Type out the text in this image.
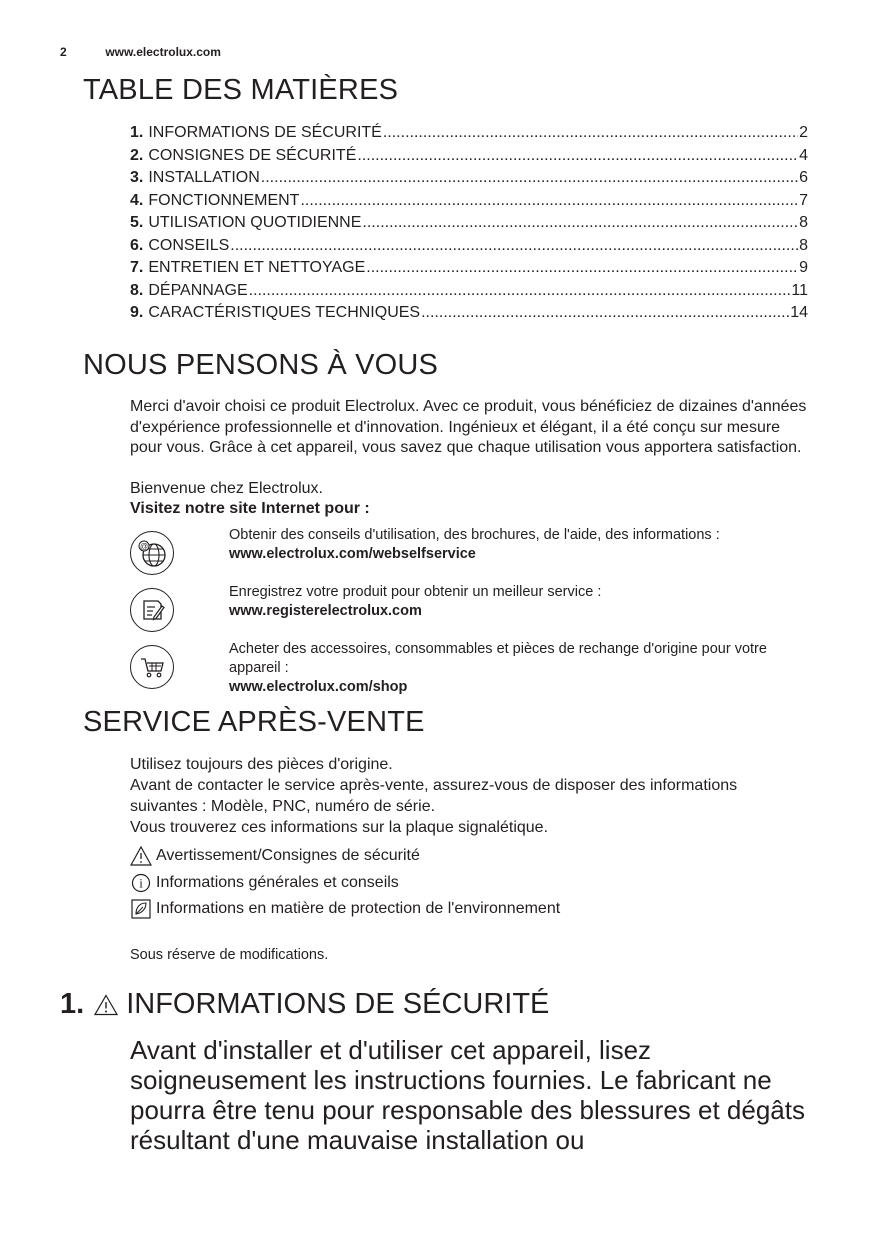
2	www.electrolux.com
TABLE DES MATIÈRES
1. INFORMATIONS DE SÉCURITÉ .....	2
2. CONSIGNES DE SÉCURITÉ .....	4
3. INSTALLATION .....	6
4. FONCTIONNEMENT .....	7
5. UTILISATION QUOTIDIENNE .....	8
6. CONSEILS .....	8
7. ENTRETIEN ET NETTOYAGE .....	9
8. DÉPANNAGE .....	11
9. CARACTÉRISTIQUES TECHNIQUES .....	14
NOUS PENSONS À VOUS

Merci d'avoir choisi ce produit Electrolux. Avec ce produit, vous bénéficiez de dizaines d'années d'expérience professionnelle et d'innovation. Ingénieux et élégant, il a été conçu sur mesure pour vous. Grâce à cet appareil, vous savez que chaque utilisation vous apportera satisfaction.

Bienvenue chez Electrolux.

Visitez notre site Internet pour :

@
Obtenir des conseils d'utilisation, des brochures, de l'aide, des informations :
www.electrolux.com/webselfservice
Enregistrez votre produit pour obtenir un meilleur service :
www.registerelectrolux.com
Acheter des accessoires, consommables et pièces de rechange d'origine pour votre appareil :
www.electrolux.com/shop
SERVICE APRÈS-VENTE

Utilisez toujours des pièces d'origine.

Avant de contacter le service après-vente, assurez-vous de disposer des informations suivantes : Modèle, PNC, numéro de série.

Vous trouverez ces informations sur la plaque signalétique.

Avertissement/Consignes de sécurité
i Informations générales et conseils
Informations en matière de protection de l'environnement
Sous réserve de modifications.
1. INFORMATIONS DE SÉCURITÉ

Avant d'installer et d'utiliser cet appareil, lisez soigneusement les instructions fournies. Le fabricant ne pourra être tenu pour responsable des blessures et dégâts résultant d'une mauvaise installation ou
